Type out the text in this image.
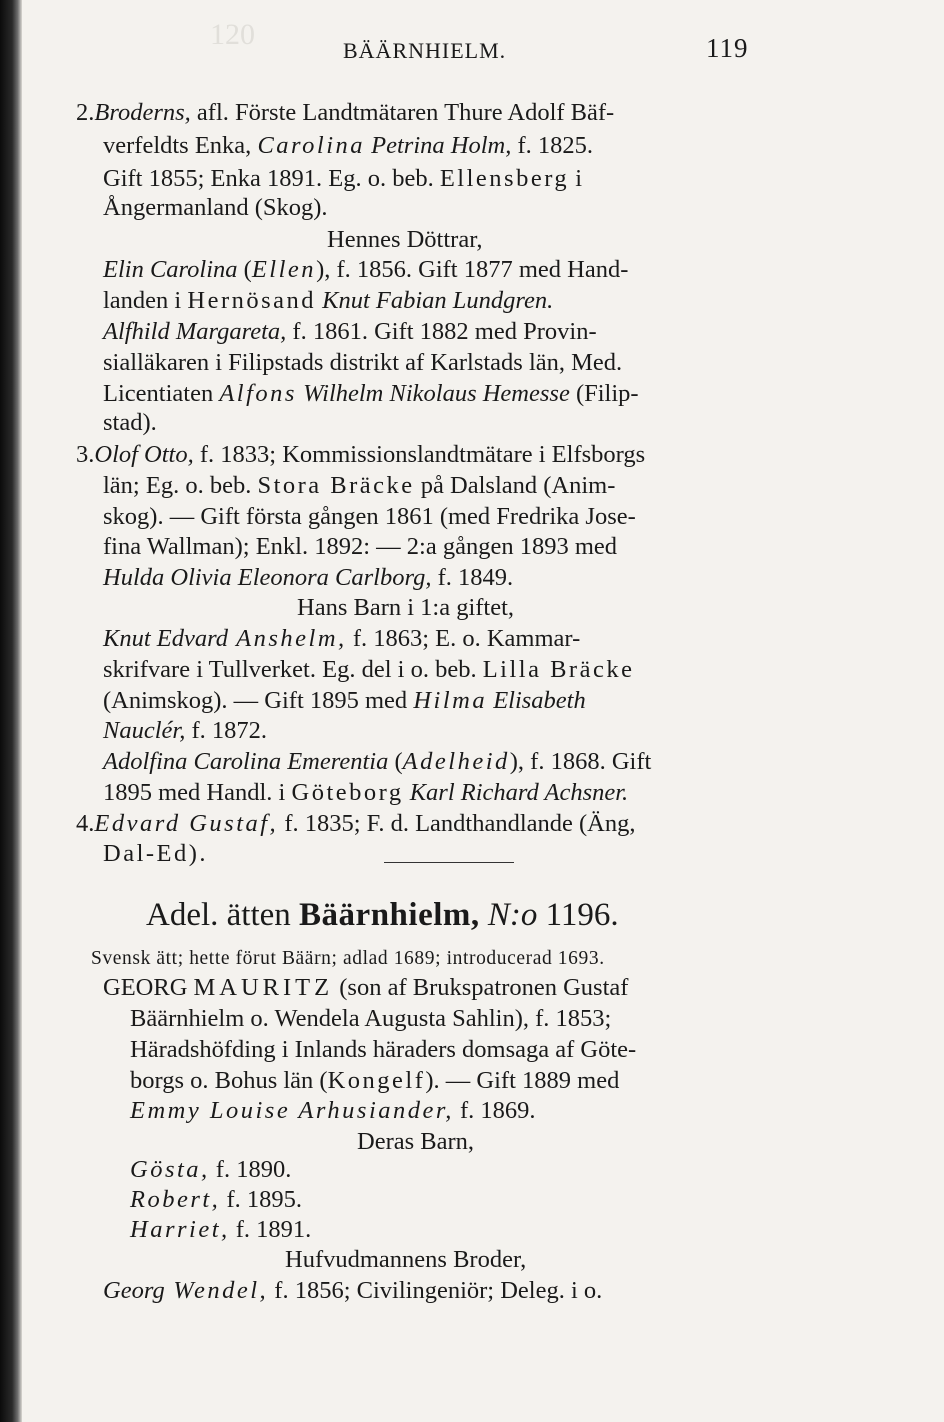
120	BÄÄRNHIELM.	119
2.Broderns, afl. Förste Landtmätaren Thure Adolf Bäf-
verfeldts Enka, Carolina Petrina Holm, f. 1825.
Gift 1855; Enka 1891. Eg. o. beb. Ellensberg i
Ångermanland (Skog).
Hennes Döttrar,
Elin Carolina (Ellen), f. 1856. Gift 1877 med Hand-
landen i Hernösand Knut Fabian Lundgren.
Alfhild Margareta, f. 1861. Gift 1882 med Provin-
sialläkaren i Filipstads distrikt af Karlstads län, Med.
Licentiaten Alfons Wilhelm Nikolaus Hemesse (Filip-
stad).
3.Olof Otto, f. 1833; Kommissionslandtmätare i Elfsborgs
län; Eg. o. beb. Stora Bräcke på Dalsland (Anim-
skog). — Gift första gången 1861 (med Fredrika Jose-
fina Wallman); Enkl. 1892: — 2:a gången 1893 med
Hulda Olivia Eleonora Carlborg, f. 1849.
Hans Barn i 1:a giftet,
Knut Edvard Anshelm, f. 1863; E. o. Kammar-
skrifvare i Tullverket. Eg. del i o. beb. Lilla Bräcke
(Animskog). — Gift 1895 med Hilma Elisabeth
Nauclér, f. 1872.
Adolfina Carolina Emerentia (Adelheid), f. 1868. Gift
1895 med Handl. i Göteborg Karl Richard Achsner.
4.Edvard Gustaf, f. 1835; F. d. Landthandlande (Äng,
Dal-Ed).
Adel. ätten Bäärnhielm, N:o 1196.
Svensk ätt; hette förut Bäärn; adlad 1689; introducerad 1693.
GEORG MAURITZ (son af Brukspatronen Gustaf
Bäärnhielm o. Wendela Augusta Sahlin), f. 1853;
Häradshöfding i Inlands häraders domsaga af Göte-
borgs o. Bohus län (Kongelf). — Gift 1889 med
Emmy Louise Arhusiander, f. 1869.
Deras Barn,
Gösta, f. 1890.
Robert, f. 1895.
Harriet, f. 1891.
Hufvudmannens Broder,
Georg Wendel, f. 1856; Civilingeniör; Deleg. i o.
